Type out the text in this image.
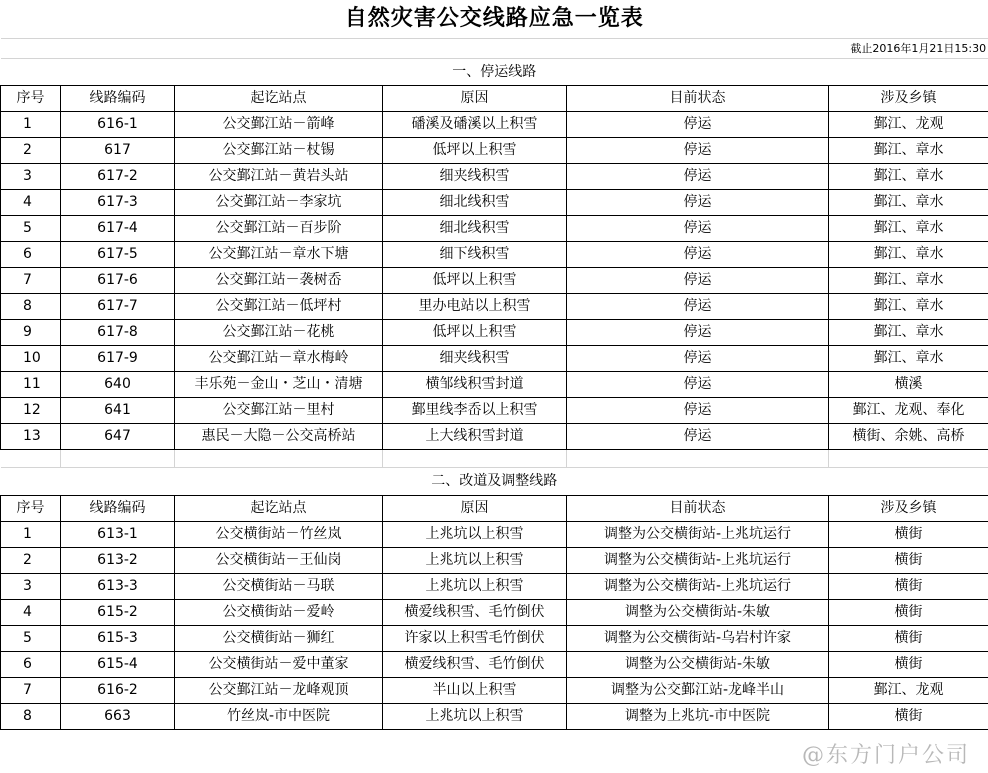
自然灾害公交线路应急一览表					
截止2016年1月21日15:30					
一、停运线路					
序号	线路编码	起讫站点	原因	目前状态	涉及乡镇
1	616-1	公交鄞江站－箭峰	磻溪及磻溪以上积雪	停运	鄞江、龙观
2	617	公交鄞江站－杖锡	低坪以上积雪	停运	鄞江、章水
3	617-2	公交鄞江站－黄岩头站	细夹线积雪	停运	鄞江、章水
4	617-3	公交鄞江站－李家坑	细北线积雪	停运	鄞江、章水
5	617-4	公交鄞江站－百步阶	细北线积雪	停运	鄞江、章水
6	617-5	公交鄞江站－章水下塘	细下线积雪	停运	鄞江、章水
7	617-6	公交鄞江站－袭树岙	低坪以上积雪	停运	鄞江、章水
8	617-7	公交鄞江站－低坪村	里办电站以上积雪	停运	鄞江、章水
9	617-8	公交鄞江站－花桃	低坪以上积雪	停运	鄞江、章水
10	617-9	公交鄞江站－章水梅岭	细夹线积雪	停运	鄞江、章水
11	640	丰乐苑－金山・芝山・清塘	横邹线积雪封道	停运	横溪
12	641	公交鄞江站－里村	鄞里线李岙以上积雪	停运	鄞江、龙观、奉化
13	647	惠民－大隐－公交高桥站	上大线积雪封道	停运	横街、余姚、高桥

二、改道及调整线路					
序号	线路编码	起讫站点	原因	目前状态	涉及乡镇
1	613-1	公交横街站－竹丝岚	上兆坑以上积雪	调整为公交横街站-上兆坑运行	横街
2	613-2	公交横街站－王仙岗	上兆坑以上积雪	调整为公交横街站-上兆坑运行	横街
3	613-3	公交横街站－马联	上兆坑以上积雪	调整为公交横街站-上兆坑运行	横街
4	615-2	公交横街站－爱岭	横爱线积雪、毛竹倒伏	调整为公交横街站-朱敏	横街
5	615-3	公交横街站－狮红	许家以上积雪毛竹倒伏	调整为公交横街站-乌岩村许家	横街
6	615-4	公交横街站－爱中董家	横爱线积雪、毛竹倒伏	调整为公交横街站-朱敏	横街
7	616-2	公交鄞江站－龙峰观顶	半山以上积雪	调整为公交鄞江站-龙峰半山	鄞江、龙观
8	663	竹丝岚-市中医院	上兆坑以上积雪	调整为上兆坑-市中医院	横街
@东方门户公司
